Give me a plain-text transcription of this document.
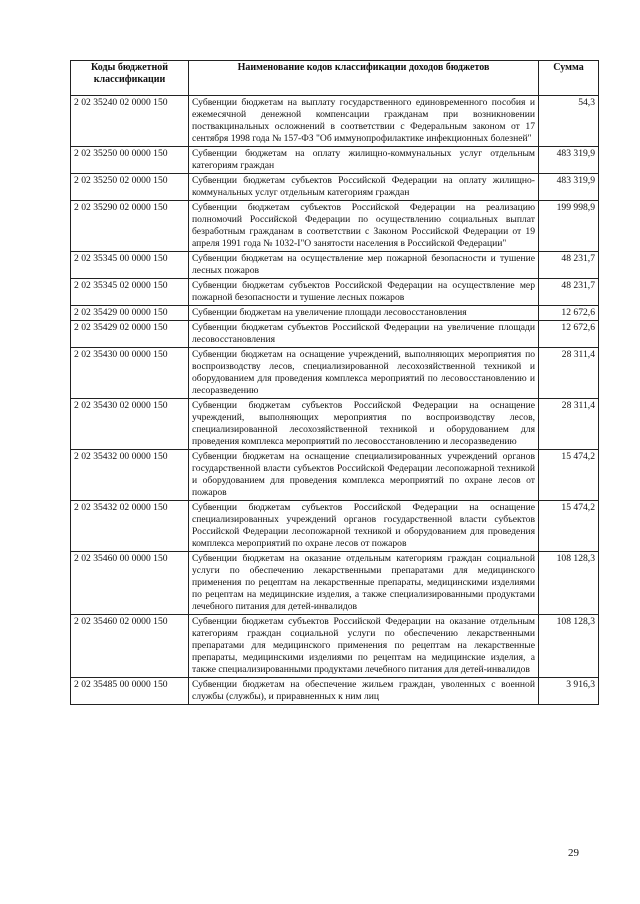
Коды бюджетной классификации	Наименование кодов классификации доходов бюджетов	Сумма
2 02 35240 02 0000 150	Субвенции бюджетам на выплату государственного единовременного пособия и ежемесячной денежной компенсации гражданам при возникновении поствакцинальных осложнений в соответствии с Федеральным законом от 17 сентября 1998 года № 157-ФЗ "Об иммунопрофилактике инфекционных болезней"	54,3
2 02 35250 00 0000 150	Субвенции бюджетам на оплату жилищно-коммунальных услуг отдельным категориям граждан	483 319,9
2 02 35250 02 0000 150	Субвенции бюджетам субъектов Российской Федерации на оплату жилищно-коммунальных услуг отдельным категориям граждан	483 319,9
2 02 35290 02 0000 150	Субвенции бюджетам субъектов Российской Федерации на реализацию полномочий Российской Федерации по осуществлению социальных выплат безработным гражданам в соответствии с Законом Российской Федерации от 19 апреля 1991 года № 1032-I"О занятости населения в Российской Федерации"	199 998,9
2 02 35345 00 0000 150	Субвенции бюджетам на осуществление мер пожарной безопасности и тушение лесных пожаров	48 231,7
2 02 35345 02 0000 150	Субвенции бюджетам субъектов Российской Федерации на осуществление мер пожарной безопасности и тушение лесных пожаров	48 231,7
2 02 35429 00 0000 150	Субвенции бюджетам на увеличение площади лесовосстановления	12 672,6
2 02 35429 02 0000 150	Субвенции бюджетам субъектов Российской Федерации на увеличение площади лесовосстановления	12 672,6
2 02 35430 00 0000 150	Субвенции бюджетам на оснащение учреждений, выполняющих мероприятия по воспроизводству лесов, специализированной лесохозяйственной техникой и оборудованием для проведения комплекса мероприятий по лесовосстановлению и лесоразведению	28 311,4
2 02 35430 02 0000 150	Субвенции бюджетам субъектов Российской Федерации на оснащение учреждений, выполняющих мероприятия по воспроизводству лесов, специализированной лесохозяйственной техникой и оборудованием для проведения комплекса мероприятий по лесовосстановлению и лесоразведению	28 311,4
2 02 35432 00 0000 150	Субвенции бюджетам на оснащение специализированных учреждений органов государственной власти субъектов Российской Федерации лесопожарной техникой и оборудованием для проведения комплекса мероприятий по охране лесов от пожаров	15 474,2
2 02 35432 02 0000 150	Субвенции бюджетам субъектов Российской Федерации на оснащение специализированных учреждений органов государственной власти субъектов Российской Федерации лесопожарной техникой и оборудованием для проведения комплекса мероприятий по охране лесов от пожаров	15 474,2
2 02 35460 00 0000 150	Субвенции бюджетам на оказание отдельным категориям граждан социальной услуги по обеспечению лекарственными препаратами для медицинского применения по рецептам на лекарственные препараты, медицинскими изделиями по рецептам на медицинские изделия, а также специализированными продуктами лечебного питания для детей-инвалидов	108 128,3
2 02 35460 02 0000 150	Субвенции бюджетам субъектов Российской Федерации на оказание отдельным категориям граждан социальной услуги по обеспечению лекарственными препаратами для медицинского применения по рецептам на лекарственные препараты, медицинскими изделиями по рецептам на медицинские изделия, а также специализированными продуктами лечебного питания для детей-инвалидов	108 128,3
2 02 35485 00 0000 150	Субвенции бюджетам на обеспечение жильем граждан, уволенных с военной службы (службы), и приравненных к ним лиц	3 916,3
29
